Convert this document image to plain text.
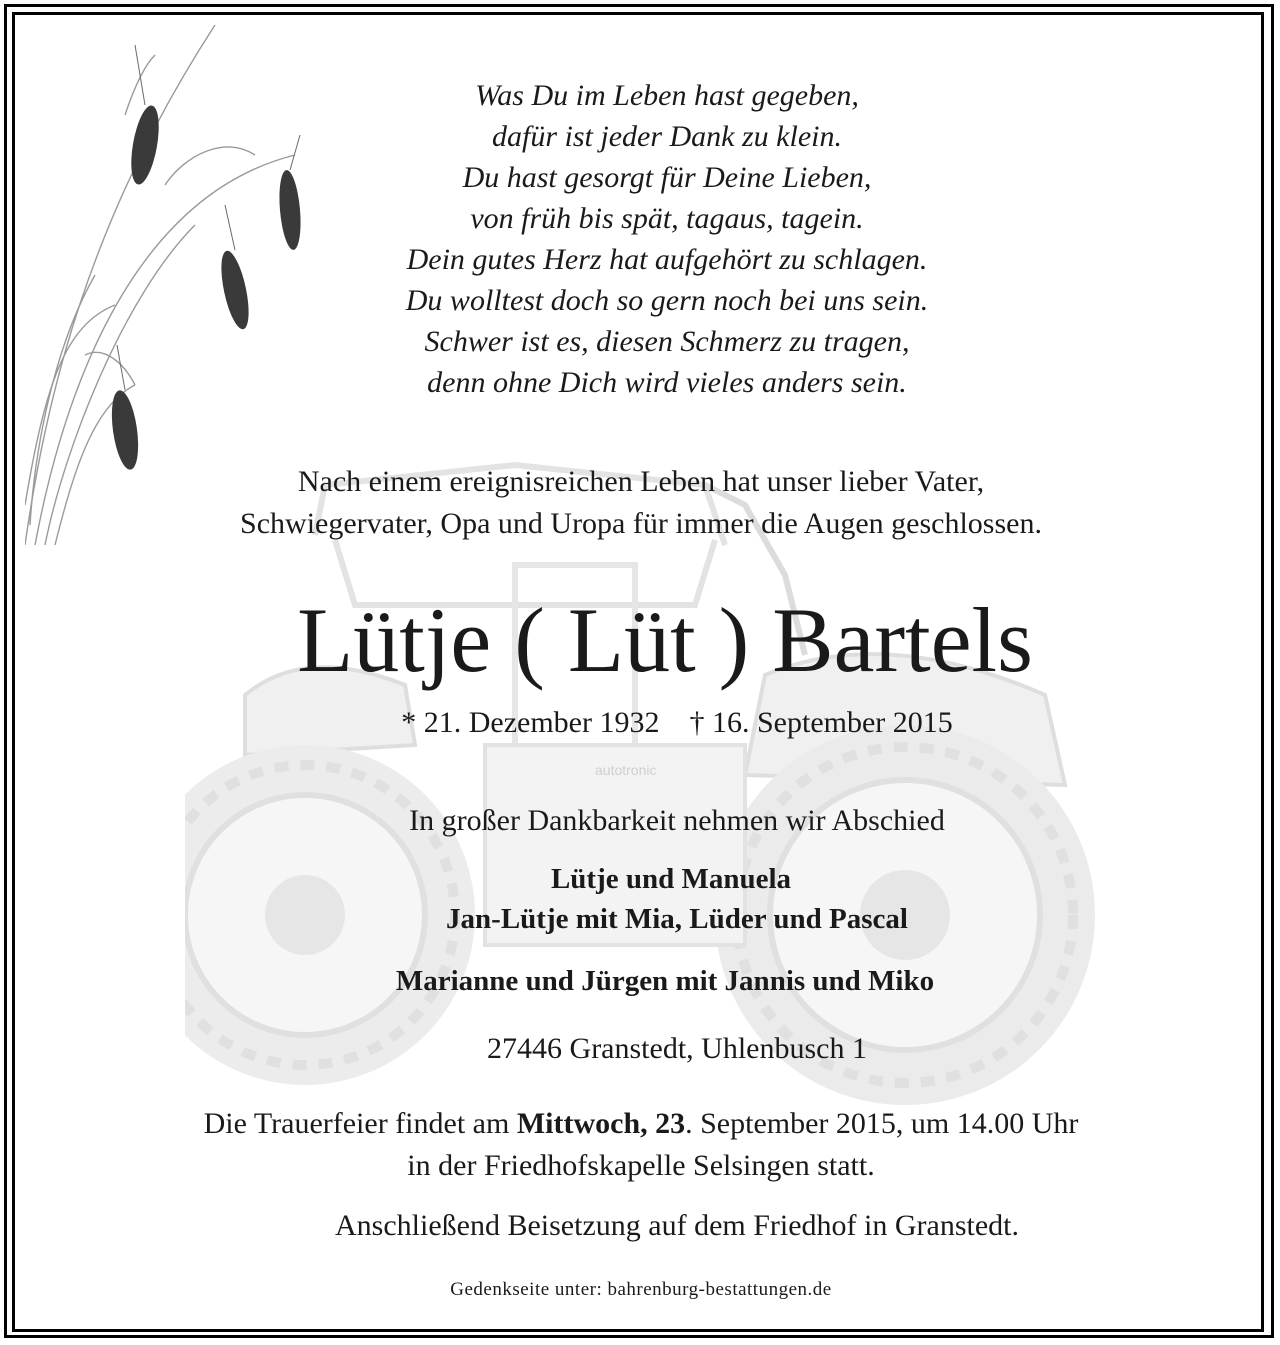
autotronic
Was Du im Leben hast gegeben,
dafür ist jeder Dank zu klein.
Du hast gesorgt für Deine Lieben,
von früh bis spät, tagaus, tagein.
Dein gutes Herz hat aufgehört zu schlagen.
Du wolltest doch so gern noch bei uns sein.
Schwer ist es, diesen Schmerz zu tragen,
denn ohne Dich wird vieles anders sein.
Nach einem ereignisreichen Leben hat unser lieber Vater,
Schwiegervater, Opa und Uropa für immer die Augen geschlossen.
Lütje ( Lüt ) Bartels
* 21. Dezember 1932 † 16. September 2015
In großer Dankbarkeit nehmen wir Abschied
Lütje und Manuela
Jan-Lütje mit Mia, Lüder und Pascal
Marianne und Jürgen mit Jannis und Miko
27446 Granstedt, Uhlenbusch 1
Die Trauerfeier findet am Mittwoch, 23. September 2015, um 14.00 Uhr
in der Friedhofskapelle Selsingen statt.
Anschließend Beisetzung auf dem Friedhof in Granstedt.
Gedenkseite unter: bahrenburg-bestattungen.de
